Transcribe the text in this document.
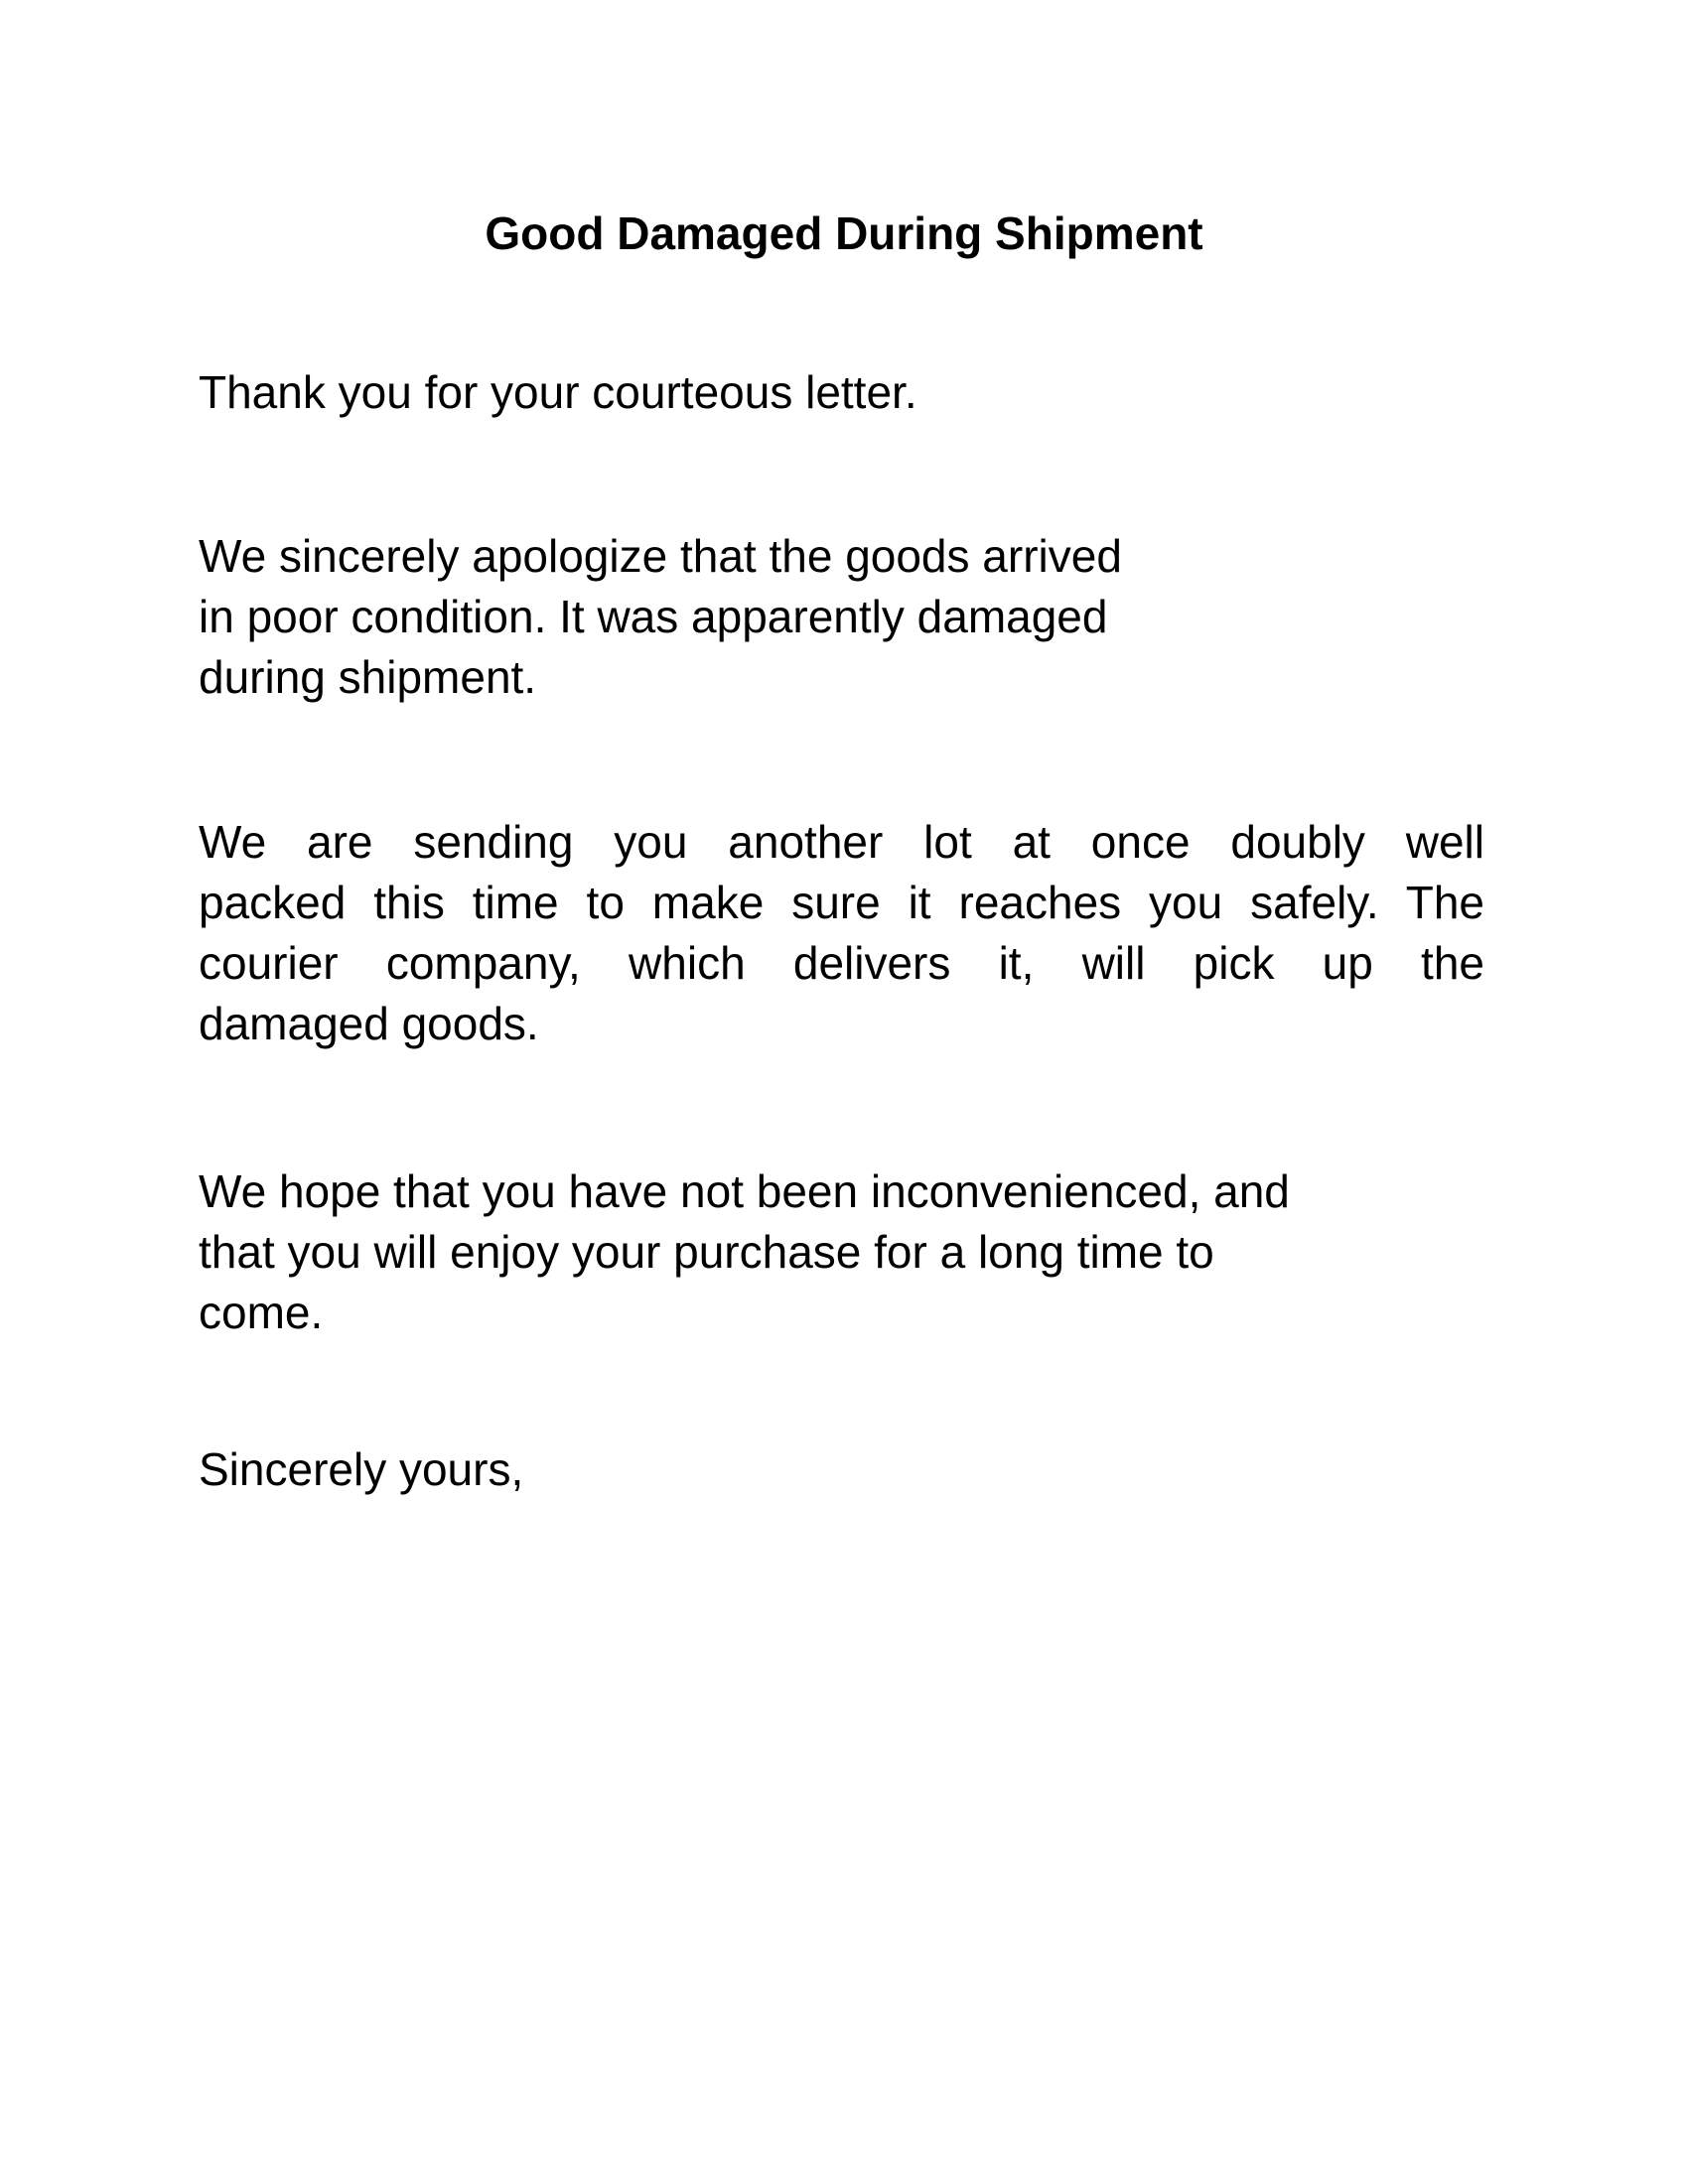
Good Damaged During Shipment

Thank you for your courteous letter.

We sincerely apologize that the goods arrived
in poor condition. It was apparently damaged
during shipment.

We are sending you another lot at once doubly well
packed this time to make sure it reaches you safely. The
courier company, which delivers it, will pick up the
damaged goods.

We hope that you have not been inconvenienced, and
that you will enjoy your purchase for a long time to
come.

Sincerely yours,
